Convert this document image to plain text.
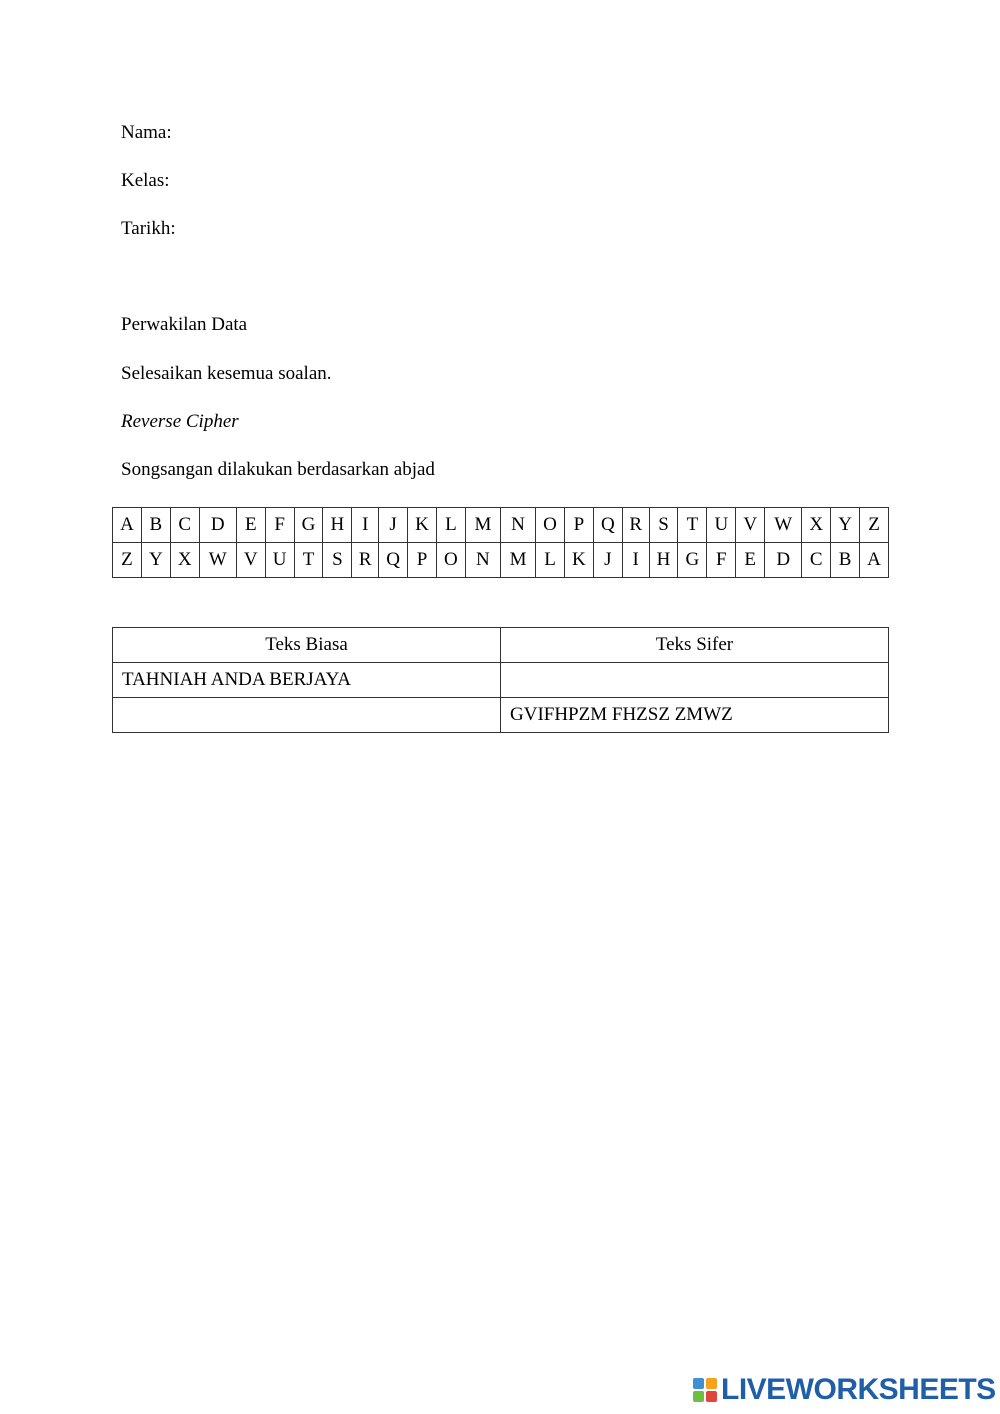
Nama:
Kelas:
Tarikh:
Perwakilan Data
Selesaikan kesemua soalan.
Reverse Cipher
Songsangan dilakukan berdasarkan abjad
A	B	C	D	E	F	G	H	I	J	K	L	M	N	O	P	Q	R	S	T	U	V	W	X	Y	Z
Z	Y	X	W	V	U	T	S	R	Q	P	O	N	M	L	K	J	I	H	G	F	E	D	C	B	A
Teks Biasa	Teks Sifer
TAHNIAH ANDA BERJAYA	
	GVIFHPZM FHZSZ ZMWZ
LIVEWORKSHEETS
